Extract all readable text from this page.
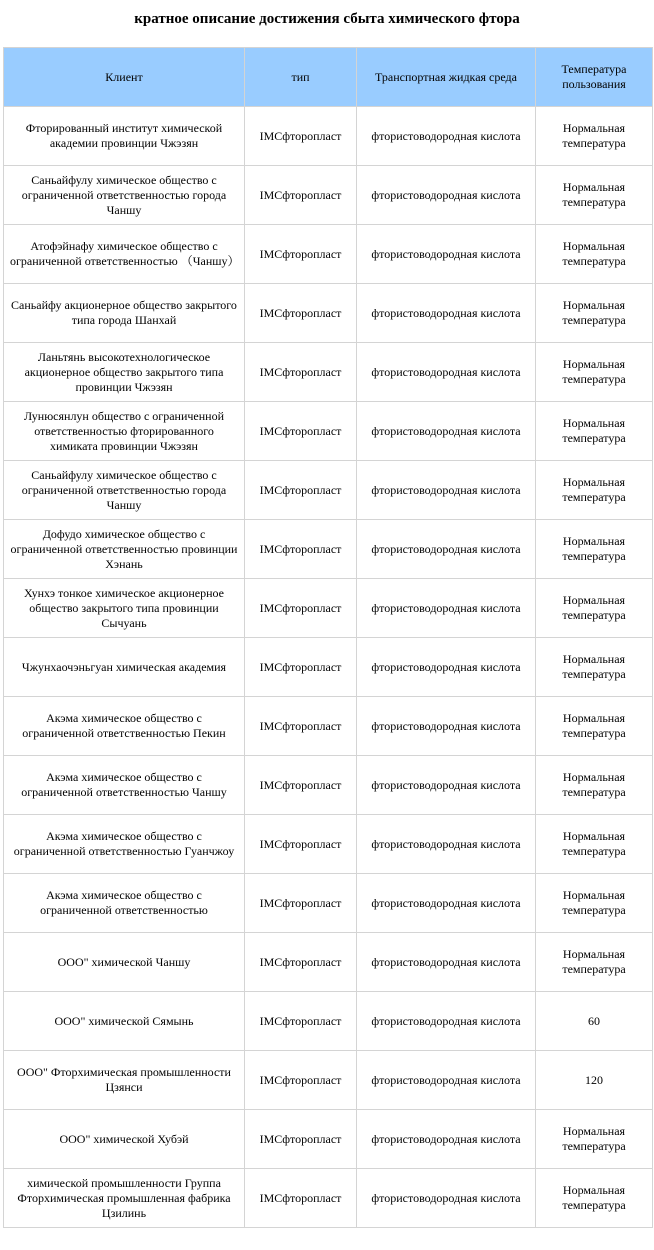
кратное описание достижения сбыта химического фтора
Клиент	тип	Транспортная жидкая среда	Температура пользования
Фторированный институт химической академии провинции Чжэзян	IMCфторопласт	фтористоводородная кислота	Нормальная температура
Саньайфулу химическое общество с ограниченной ответственностью города Чаншу	IMCфторопласт	фтористоводородная кислота	Нормальная температура
Атофэйнафу химическое общество с ограниченной ответственностью （Чаншу）	IMCфторопласт	фтористоводородная кислота	Нормальная температура
Саньайфу акционерное общество закрытого типа города Шанхай	IMCфторопласт	фтористоводородная кислота	Нормальная температура
Ланьтянь высокотехнологическое акционерное общество закрытого типа провинции Чжэзян	IMCфторопласт	фтористоводородная кислота	Нормальная температура
Лунюсянлун общество с ограниченной ответственностью фторированного химиката провинции Чжэзян	IMCфторопласт	фтористоводородная кислота	Нормальная температура
Саньайфулу химическое общество с ограниченной ответственностью города Чаншу	IMCфторопласт	фтористоводородная кислота	Нормальная температура
Дофудо химическое общество с ограниченной ответственностью провинции Хэнань	IMCфторопласт	фтористоводородная кислота	Нормальная температура
Хунхэ тонкое химическое акционерное общество закрытого типа провинции Сычуань	IMCфторопласт	фтористоводородная кислота	Нормальная температура
Чжунхаочэньгуан химическая академия	IMCфторопласт	фтористоводородная кислота	Нормальная температура
Акэма химическое общество с ограниченной ответственностью Пекин	IMCфторопласт	фтористоводородная кислота	Нормальная температура
Акэма химическое общество с ограниченной ответственностью Чаншу	IMCфторопласт	фтористоводородная кислота	Нормальная температура
Акэма химическое общество с ограниченной ответственностью Гуанчжоу	IMCфторопласт	фтористоводородная кислота	Нормальная температура
Акэма химическое общество с ограниченной ответственностью	IMCфторопласт	фтористоводородная кислота	Нормальная температура
ООО" химической Чаншу	IMCфторопласт	фтористоводородная кислота	Нормальная температура
ООО" химической Сямынь	IMCфторопласт	фтористоводородная кислота	60
ООО" Фторхимическая промышленности Цзянси	IMCфторопласт	фтористоводородная кислота	120
ООО" химической Хубэй	IMCфторопласт	фтористоводородная кислота	Нормальная температура
химической промышленности Группа Фторхимическая промышленная фабрика Цзилинь	IMCфторопласт	фтористоводородная кислота	Нормальная температура
